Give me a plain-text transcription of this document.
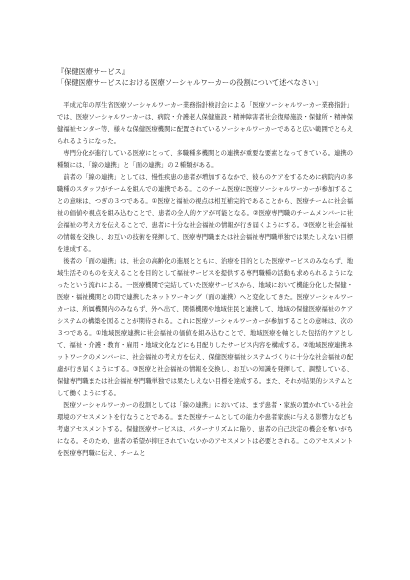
『保健医療サービス』

「保健医療サービスにおける医療ソーシャルワーカーの役割について述べなさい」

平成元年の厚生省医療ソーシャルワーカー業務指針検討会による「医療ソーシャルワーカー業務指針」では、医療ソーシャルワーカーは、病院・介護老人保健施設・精神障害者社会復帰施設・保健所・精神保健福祉センター等、様々な保健医療機関に配置されているソーシャルワーカーであると広い範囲でとらえられるようになった。

専門分化が進行している医療にとって、多職種多機関との連携が重要な要素となってきている。連携の種類には、「線の連携」と「面の連携」の２種類がある。

前者の「線の連携」としては、慢性疾患の患者が増加するなかで、彼らのケアをするために病院内の多職種のスタッフがチームを組んでの連携である。このチーム医療に医療ソーシャルワーカーが参加することの意味は、つぎの３つである。①医療と福祉の視点は相互補完的であることから、医療チームに社会福祉の価値や視点を組み込むことで、患者の全人的ケアが可能となる。②医療専門職のチームメンバーに社会福祉の考え方を伝えることで、患者に十分な社会福祉の情報が行き届くようにする。③医療と社会福祉の情報を交換し、お互いの技術を発揮して、医療専門職または社会福祉専門職単独では果たしえない目標を達成する。

後者の「面の連携」は、社会の高齢化の進展とともに、治療を目的とした医療サービスのみならず、地域生活そのものを支えることを目的として福祉サービスを提供する専門職種の活動も求められるようになったという流れによる。一医療機関で完結していた医療サービスから、地域において機能分化した保健・医療・福祉機関との間で連携したネットワーキング（面の連携）へと変化してきた。医療ソーシャルワーカーは、所属機関内のみならず、外へ出て、関係機関や地域住民と連携して、地域の保健医療福祉のケアシステムの構築を図ることが期待される。これに医療ソーシャルワーカーが参加することの意味は、次の３つである。①地域医療連携に社会福祉の価値を組み込むことで、地域医療を軸とした包括的ケアとして、福祉・介護・教育・雇用・地域文化などにも目配りしたサービス内容を構成する。②地域医療連携ネットワークのメンバーに、社会福祉の考え方を伝え、保健医療福祉システムづくりに十分な社会福祉の配慮が行き届くようにする。③医療と社会福祉の情報を交換し、お互いの知識を発揮して、調整している、保健専門職または社会福祉専門職単独では果たしえない目標を達成する。また、それが結果的システムとして働くようにする。

医療ソーシャルワーカーの役割としては「線の連携」においては、まず患者・家族の置かれている社会環境のアセスメントを行なうことである。また医療チームとしての能力や患者家族に与える影響力なども考慮アセスメントする。保健医療サービスは、パターナリズムに陥り、患者の自己決定の機会を奪いがちになる。そのため、患者の希望が抑圧されていないかのアセスメントは必要とされる。このアセスメントを医療専門職に伝え、チームと
